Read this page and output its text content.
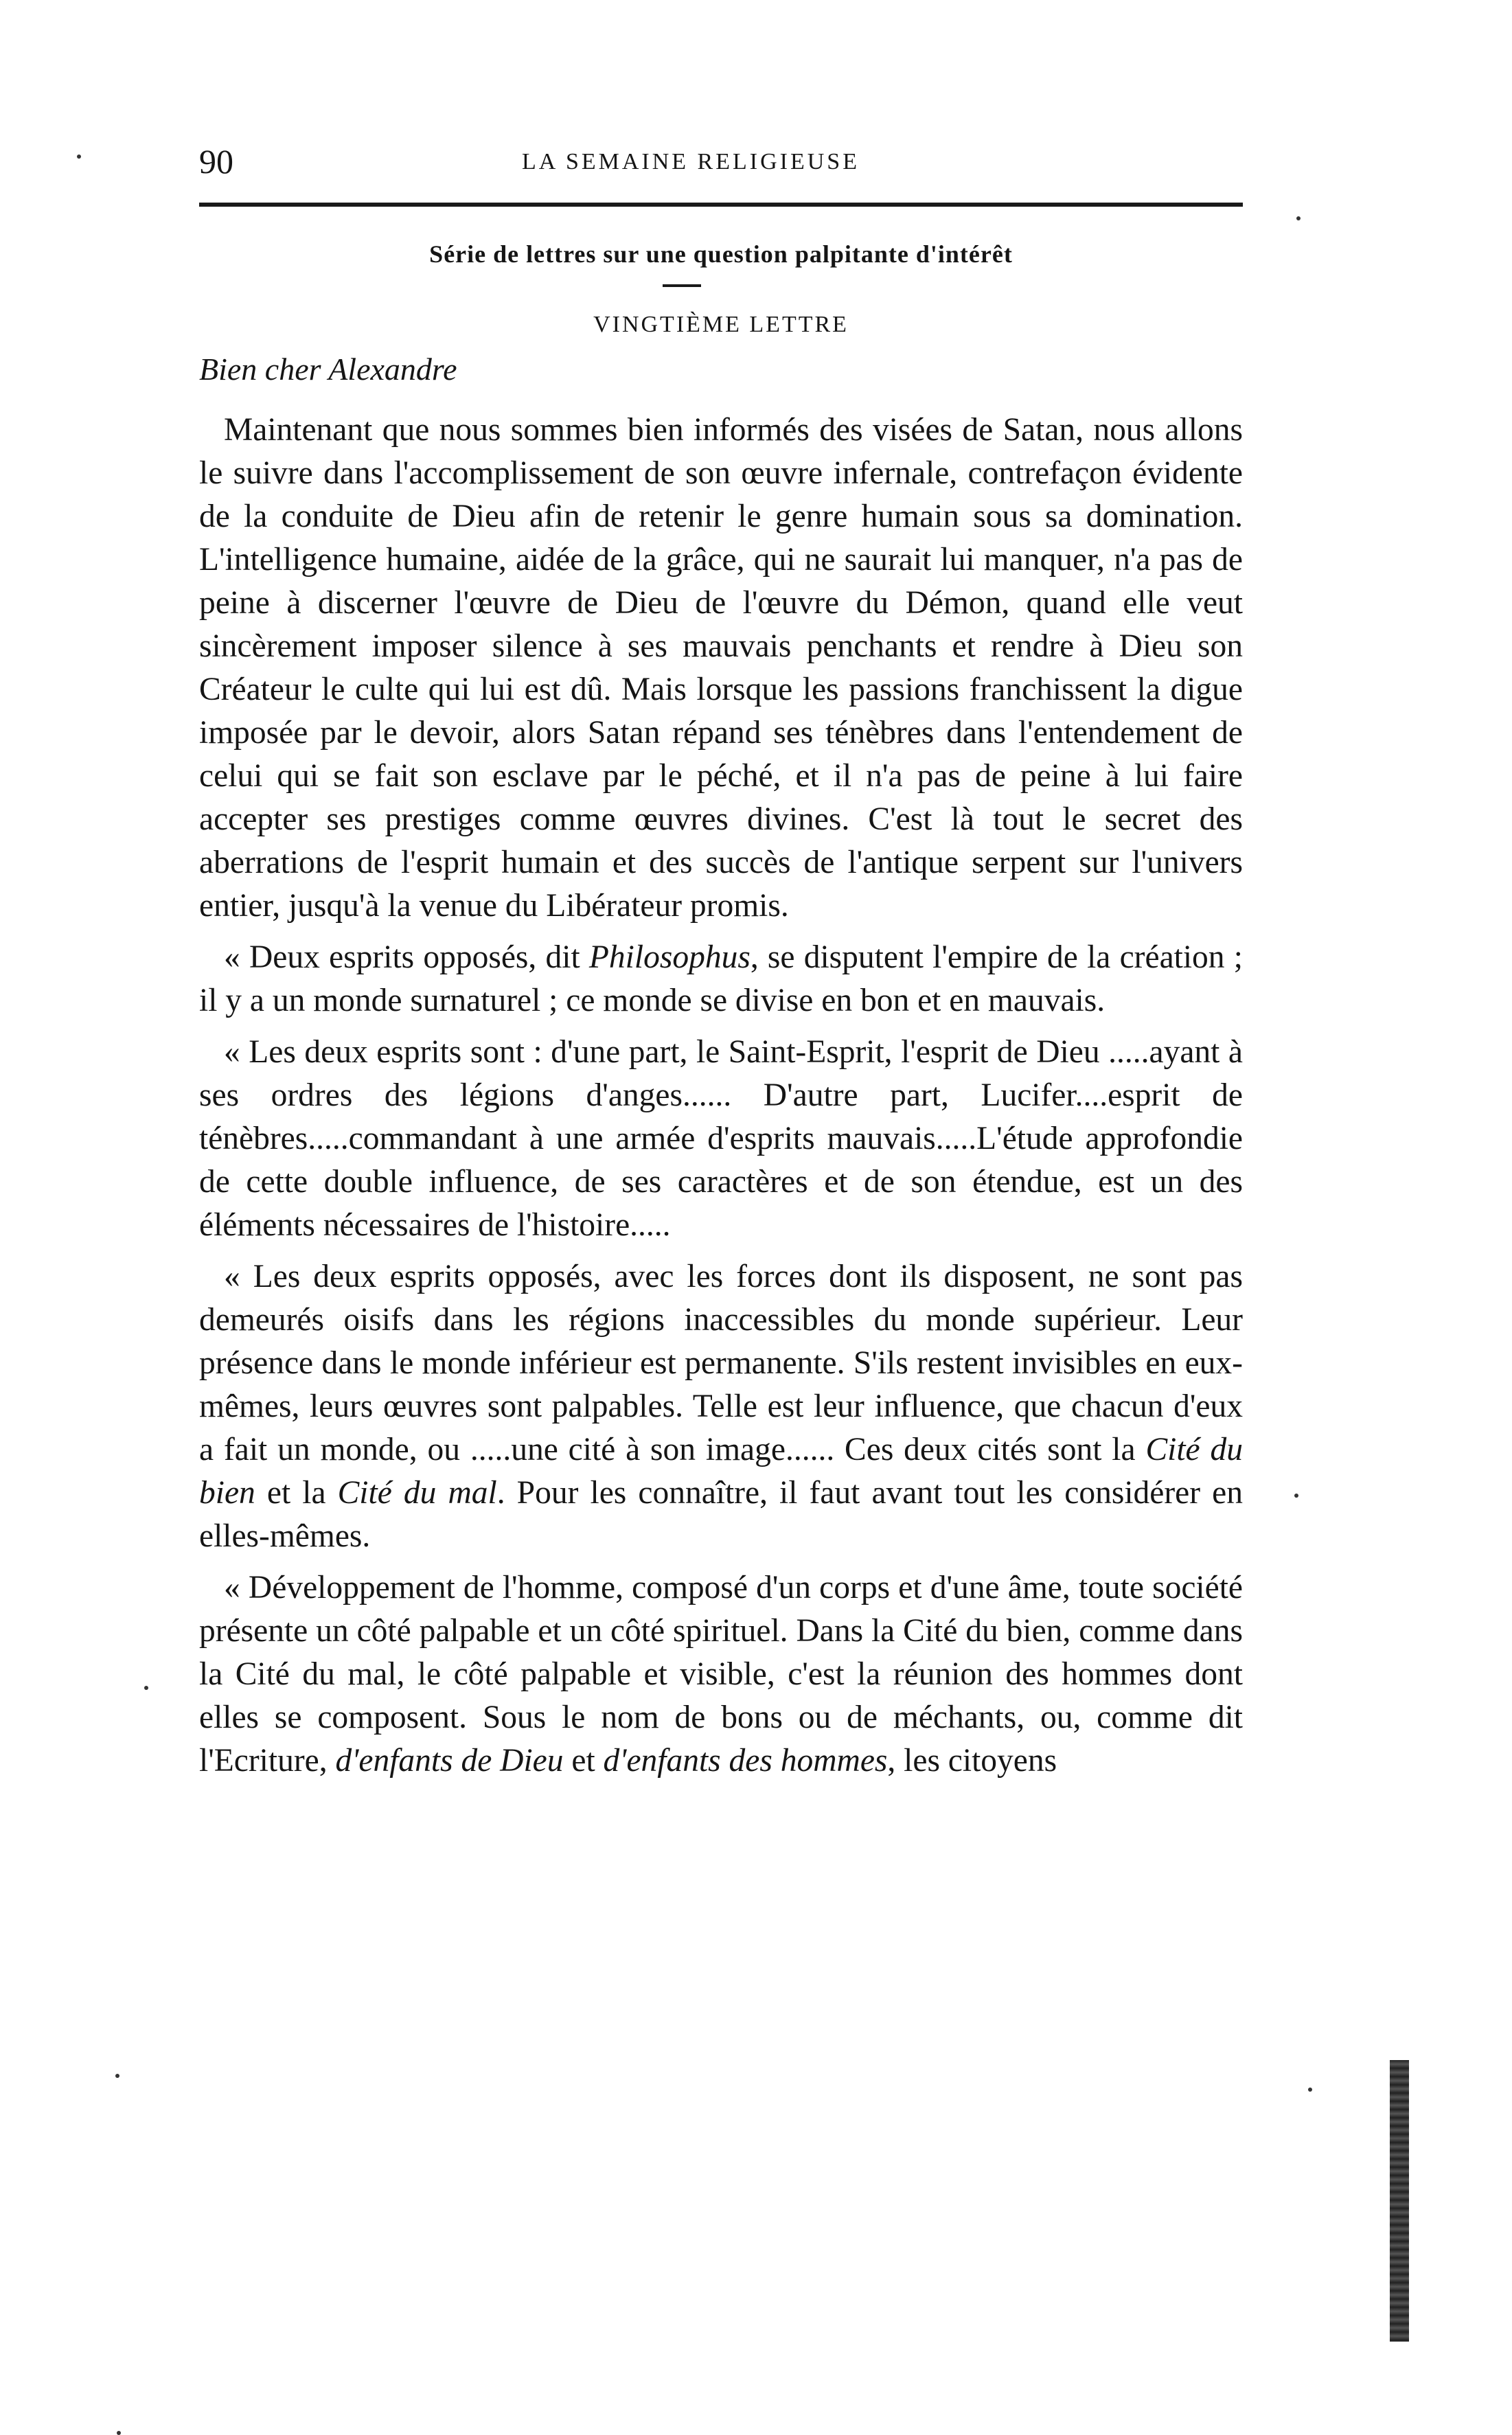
90	LA SEMAINE RELIGIEUSE
Série de lettres sur une question palpitante d'intérêt
VINGTIÈME LETTRE
Bien cher Alexandre

Maintenant que nous sommes bien informés des visées de Satan, nous allons le suivre dans l'accomplissement de son œuvre infernale, contrefaçon évidente de la conduite de Dieu afin de retenir le genre humain sous sa domination. L'intelligence humaine, aidée de la grâce, qui ne saurait lui manquer, n'a pas de peine à discerner l'œuvre de Dieu de l'œuvre du Démon, quand elle veut sincèrement imposer silence à ses mauvais penchants et rendre à Dieu son Créateur le culte qui lui est dû. Mais lorsque les passions franchissent la digue imposée par le devoir, alors Satan répand ses ténèbres dans l'entendement de celui qui se fait son esclave par le péché, et il n'a pas de peine à lui faire accepter ses prestiges comme œuvres divines. C'est là tout le secret des aberrations de l'esprit humain et des succès de l'antique serpent sur l'univers entier, jusqu'à la venue du Libérateur promis.

« Deux esprits opposés, dit Philosophus, se disputent l'empire de la création ; il y a un monde surnaturel ; ce monde se divise en bon et en mauvais.

« Les deux esprits sont : d'une part, le Saint-Esprit, l'esprit de Dieu .....ayant à ses ordres des légions d'anges...... D'autre part, Lucifer....esprit de ténèbres.....commandant à une armée d'esprits mauvais.....L'étude approfondie de cette double influence, de ses caractères et de son étendue, est un des éléments nécessaires de l'histoire.....

« Les deux esprits opposés, avec les forces dont ils disposent, ne sont pas demeurés oisifs dans les régions inaccessibles du monde supérieur. Leur présence dans le monde inférieur est permanente. S'ils restent invisibles en eux-mêmes, leurs œuvres sont palpables. Telle est leur influence, que chacun d'eux a fait un monde, ou .....une cité à son image...... Ces deux cités sont la Cité du bien et la Cité du mal. Pour les connaître, il faut avant tout les considérer en elles-mêmes.

« Développement de l'homme, composé d'un corps et d'une âme, toute société présente un côté palpable et un côté spirituel. Dans la Cité du bien, comme dans la Cité du mal, le côté palpable et visible, c'est la réunion des hommes dont elles se composent. Sous le nom de bons ou de méchants, ou, comme dit l'Ecriture, d'enfants de Dieu et d'enfants des hommes, les citoyens
